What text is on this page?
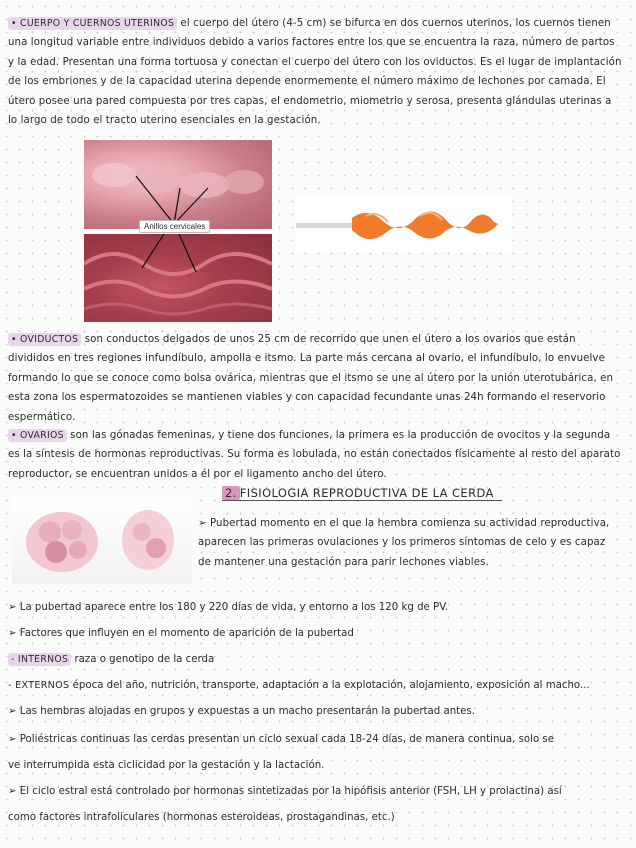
• CUERPO Y CUERNOS UTERINOS el cuerpo del útero (4-5 cm) se bifurca en dos cuernos uterinos, los cuernos tienen una longitud variable entre individuos debido a varios factores entre los que se encuentra la raza, número de partos y la edad. Presentan una forma tortuosa y conectan el cuerpo del útero con los oviductos. Es el lugar de implantación de los embriones y de la capacidad uterina depende enormemente el número máximo de lechones por camada. El útero posee una pared compuesta por tres capas, el endometrio, miometrio y serosa, presenta glándulas uterinas a lo largo de todo el tracto uterino esenciales en la gestación.
Anillos cervicales
• OVIDUCTOS son conductos delgados de unos 25 cm de recorrido que unen el útero a los ovarios que están divididos en tres regiones infundíbulo, ampolla e itsmo. La parte más cercana al ovario, el infundíbulo, lo envuelve formando lo que se conoce como bolsa ovárica, mientras que el itsmo se une al útero por la unión uterotubárica, en esta zona los espermatozoides se mantienen viables y con capacidad fecundante unas 24h formando el reservorio espermático.
• OVARIOS son las gónadas femeninas, y tiene dos funciones, la primera es la producción de ovocitos y la segunda es la síntesis de hormonas reproductivas. Su forma es lobulada, no están conectados físicamente al resto del aparato reproductor, se encuentran unidos a él por el ligamento ancho del útero.
2. FISIOLOGIA REPRODUCTIVA DE LA CERDA
➢ Pubertad momento en el que la hembra comienza su actividad reproductiva, aparecen las primeras ovulaciones y los primeros síntomas de celo y es capaz de mantener una gestación para parir lechones viables.
➢ La pubertad aparece entre los 180 y 220 días de vida, y entorno a los 120 kg de PV.
➢ Factores que influyen en el momento de aparición de la pubertad
- INTERNOS raza o genotipo de la cerda
- EXTERNOS época del año, nutrición, transporte, adaptación a la explotación, alojamiento, exposición al macho...
➢ Las hembras alojadas en grupos y expuestas a un macho presentarán la pubertad antes.
➢ Poliéstricas continuas las cerdas presentan un ciclo sexual cada 18-24 días, de manera continua, solo se
ve interrumpida esta ciclicidad por la gestación y la lactación.
➢ El ciclo estral está controlado por hormonas sintetizadas por la hipófisis anterior (FSH, LH y prolactina) así
como factores intrafoliculares (hormonas esteroideas, prostagandinas, etc.)
